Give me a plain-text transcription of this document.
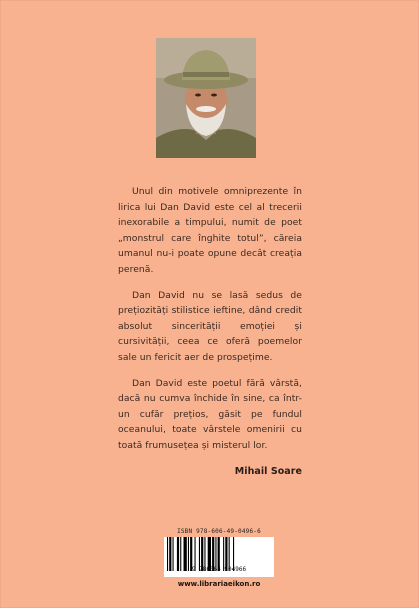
Unul din motivele omniprezente în lirica lui Dan David este cel al trecerii inexorabile a timpului, numit de poet „monstrul care înghite totul”, căreia umanul nu-i poate opune decât creația perenă.

Dan David nu se lasă sedus de prețiozități stilistice ieftine, dând credit absolut sincerității emoției și cursivității, ceea ce oferă poemelor sale un fericit aer de prospețime.

Dan David este poetul fără vârstă, dacă nu cumva închide în sine, ca într-un cufăr prețios, găsit pe fundul oceanului, toate vârstele omenirii cu toată frumusețea și misterul lor.

Mihail Soare
ISBN 978-606-49-0496-6
9 786064 904966
www.librariaeikon.ro
